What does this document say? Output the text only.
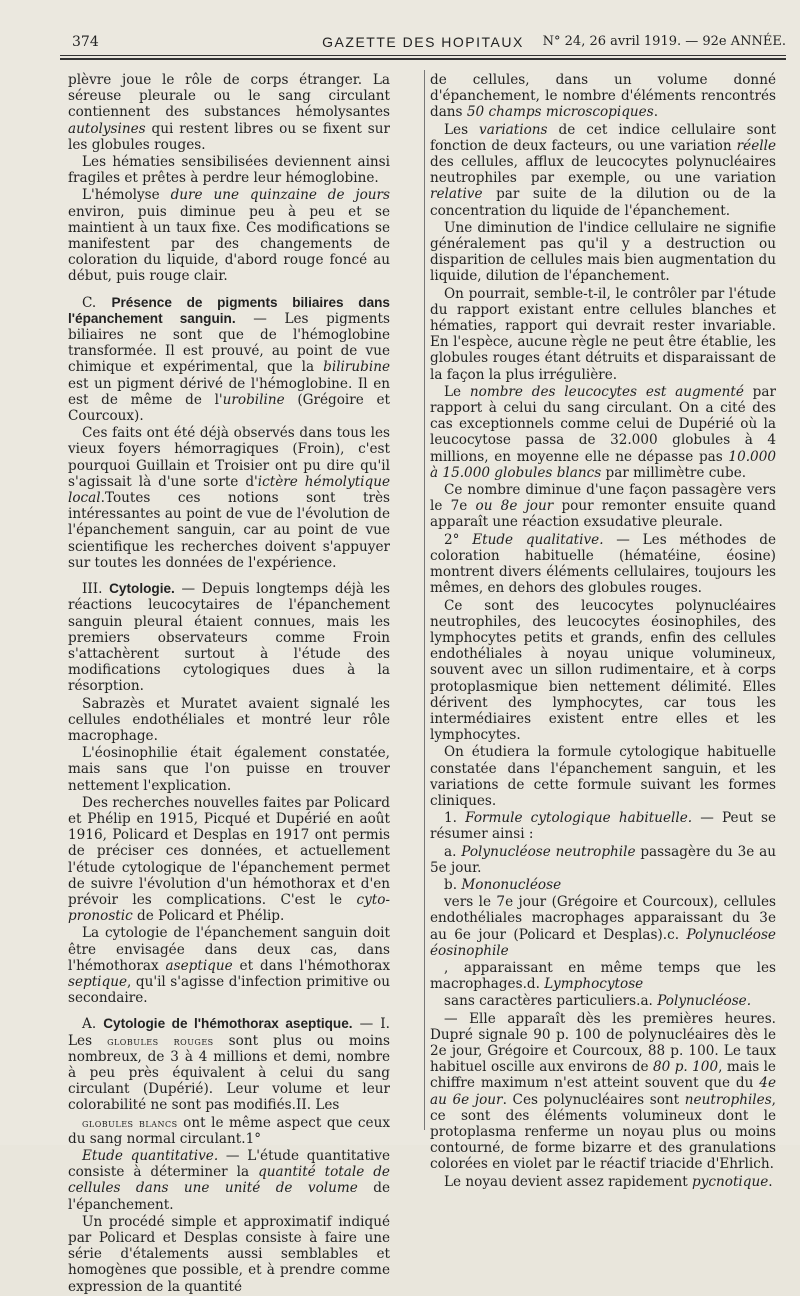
374	GAZETTE DES HOPITAUX	N° 24, 26 avril 1919. — 92e ANNÉE.

plèvre joue le rôle de corps étranger. La séreuse pleurale ou le sang circulant contiennent des substances hémolysantes autolysines qui restent libres ou se fixent sur les globules rouges.

Les hématies sensibilisées deviennent ainsi fragiles et prêtes à perdre leur hémoglobine.

L'hémolyse dure une quinzaine de jours environ, puis diminue peu à peu et se maintient à un taux fixe. Ces modifications se manifestent par des changements de coloration du liquide, d'abord rouge foncé au début, puis rouge clair.

C. Présence de pigments biliaires dans l'épanchement sanguin. — Les pigments biliaires ne sont que de l'hémoglobine transformée. Il est prouvé, au point de vue chimique et expérimental, que la bilirubine est un pigment dérivé de l'hémoglobine. Il en est de même de l'urobiline (Grégoire et Courcoux).

Ces faits ont été déjà observés dans tous les vieux foyers hémorragiques (Froin), c'est pourquoi Guillain et Troisier ont pu dire qu'il s'agissait là d'une sorte d'ictère hémolytique local.Toutes ces notions sont très intéressantes au point de vue de l'évolution de l'épanchement sanguin, car au point de vue scientifique les recherches doivent s'appuyer sur toutes les données de l'expérience.

III. Cytologie. — Depuis longtemps déjà les réactions leucocytaires de l'épanchement sanguin pleural étaient connues, mais les premiers observateurs comme Froin s'attachèrent surtout à l'étude des modifications cytologiques dues à la résorption.

Sabrazès et Muratet avaient signalé les cellules endothéliales et montré leur rôle macrophage.

L'éosinophilie était également constatée, mais sans que l'on puisse en trouver nettement l'explication.

Des recherches nouvelles faites par Policard et Phélip en 1915, Picqué et Dupérié en août 1916, Policard et Desplas en 1917 ont permis de préciser ces données, et actuellement l'étude cytologique de l'épanchement permet de suivre l'évolution d'un hémothorax et d'en prévoir les complications. C'est le cyto-pronostic de Policard et Phélip.

La cytologie de l'épanchement sanguin doit être envisagée dans deux cas, dans l'hémothorax aseptique et dans l'hémothorax septique, qu'il s'agisse d'infection primitive ou secondaire.

A. Cytologie de l'hémothorax aseptique. — I. Les globules rouges sont plus ou moins nombreux, de 3 à 4 millions et demi, nombre à peu près équivalent à celui du sang circulant (Dupérié). Leur volume et leur colorabilité ne sont pas modifiés.II. Les

globules blancs ont le même aspect que ceux du sang normal circulant.1°

Etude quantitative. — L'étude quantitative consiste à déterminer la quantité totale de cellules dans une unité de volume de l'épanchement.

Un procédé simple et approximatif indiqué par Policard et Desplas consiste à faire une série d'étalements aussi semblables et homogènes que possible, et à prendre comme expression de la quantité

de cellules, dans un volume donné d'épanchement, le nombre d'éléments rencontrés dans 50 champs microscopiques.

Les variations de cet indice cellulaire sont fonction de deux facteurs, ou une variation réelle des cellules, afflux de leucocytes polynucléaires neutrophiles par exemple, ou une variation relative par suite de la dilution ou de la concentration du liquide de l'épanchement.

Une diminution de l'indice cellulaire ne signifie généralement pas qu'il y a destruction ou disparition de cellules mais bien augmentation du liquide, dilution de l'épanchement.

On pourrait, semble-t-il, le contrôler par l'étude du rapport existant entre cellules blanches et hématies, rapport qui devrait rester invariable. En l'espèce, aucune règle ne peut être établie, les globules rouges étant détruits et disparaissant de la façon la plus irrégulière.

Le nombre des leucocytes est augmenté par rapport à celui du sang circulant. On a cité des cas exceptionnels comme celui de Dupérié où la leucocytose passa de 32.000 globules à 4 millions, en moyenne elle ne dépasse pas 10.000 à 15.000 globules blancs par millimètre cube.

Ce nombre diminue d'une façon passagère vers le 7e ou 8e jour pour remonter ensuite quand apparaît une réaction exsudative pleurale.

2° Etude qualitative. — Les méthodes de coloration habituelle (hématéine, éosine) montrent divers éléments cellulaires, toujours les mêmes, en dehors des globules rouges.

Ce sont des leucocytes polynucléaires neutrophiles, des leucocytes éosinophiles, des lymphocytes petits et grands, enfin des cellules endothéliales à noyau unique volumineux, souvent avec un sillon rudimentaire, et à corps protoplasmique bien nettement délimité. Elles dérivent des lymphocytes, car tous les intermédiaires existent entre elles et les lymphocytes.

On étudiera la formule cytologique habituelle constatée dans l'épanchement sanguin, et les variations de cette formule suivant les formes cliniques.

1. Formule cytologique habituelle. — Peut se résumer ainsi :

a. Polynucléose neutrophile passagère du 3e au 5e jour.

b. Mononucléose

vers le 7e jour (Grégoire et Courcoux), cellules endothéliales macrophages apparaissant du 3e au 6e jour (Policard et Desplas).c. Polynucléose éosinophile

, apparaissant en même temps que les macrophages.d. Lymphocytose

sans caractères particuliers.a. Polynucléose.

— Elle apparaît dès les premières heures. Dupré signale 90 p. 100 de polynucléaires dès le 2e jour, Grégoire et Courcoux, 88 p. 100. Le taux habituel oscille aux environs de 80 p. 100, mais le chiffre maximum n'est atteint souvent que du 4e au 6e jour. Ces polynucléaires sont neutrophiles, ce sont des éléments volumineux dont le protoplasma renferme un noyau plus ou moins contourné, de forme bizarre et des granulations colorées en violet par le réactif triacide d'Ehrlich.

Le noyau devient assez rapidement pycnotique.
